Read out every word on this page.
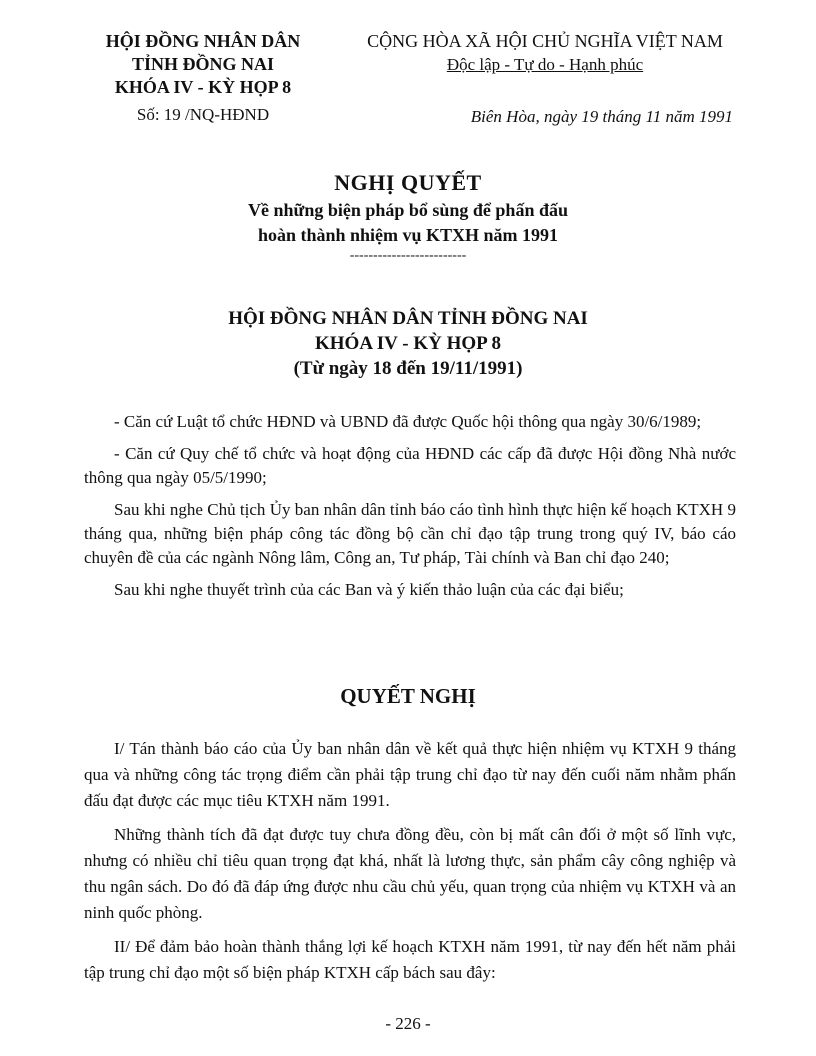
HỘI ĐỒNG NHÂN DÂN
TỈNH ĐỒNG NAI
KHÓA IV - KỲ HỌP 8
Số: 19 /NQ-HĐND
CỘNG HÒA XÃ HỘI CHỦ NGHĨA VIỆT NAM
Độc lập - Tự do - Hạnh phúc
Biên Hòa, ngày 19 tháng 11 năm 1991
NGHỊ QUYẾT
Về những biện pháp bổ sùng để phấn đấu
hoàn thành nhiệm vụ KTXH năm 1991
-------------------------
HỘI ĐỒNG NHÂN DÂN TỈNH ĐỒNG NAI
KHÓA IV - KỲ HỌP 8
(Từ ngày 18 đến 19/11/1991)

- Căn cứ Luật tổ chức HĐND và UBND đã được Quốc hội thông qua ngày 30/6/1989;

- Căn cứ Quy chế tổ chức và hoạt động của HĐND các cấp đã được Hội đồng Nhà nước thông qua ngày 05/5/1990;

Sau khi nghe Chủ tịch Ủy ban nhân dân tỉnh báo cáo tình hình thực hiện kế hoạch KTXH 9 tháng qua, những biện pháp công tác đồng bộ cần chỉ đạo tập trung trong quý IV, báo cáo chuyên đề của các ngành Nông lâm, Công an, Tư pháp, Tài chính và Ban chỉ đạo 240;

Sau khi nghe thuyết trình của các Ban và ý kiến thảo luận của các đại biểu;

QUYẾT NGHỊ

I/ Tán thành báo cáo của Ủy ban nhân dân về kết quả thực hiện nhiệm vụ KTXH 9 tháng qua và những công tác trọng điểm cần phải tập trung chỉ đạo từ nay đến cuối năm nhằm phấn đấu đạt được các mục tiêu KTXH năm 1991.

Những thành tích đã đạt được tuy chưa đồng đều, còn bị mất cân đối ở một số lĩnh vực, nhưng có nhiều chỉ tiêu quan trọng đạt khá, nhất là lương thực, sản phẩm cây công nghiệp và thu ngân sách. Do đó đã đáp ứng được nhu cầu chủ yếu, quan trọng của nhiệm vụ KTXH và an ninh quốc phòng.

II/ Để đảm bảo hoàn thành thắng lợi kế hoạch KTXH năm 1991, từ nay đến hết năm phải tập trung chỉ đạo một số biện pháp KTXH cấp bách sau đây:

- 226 -
